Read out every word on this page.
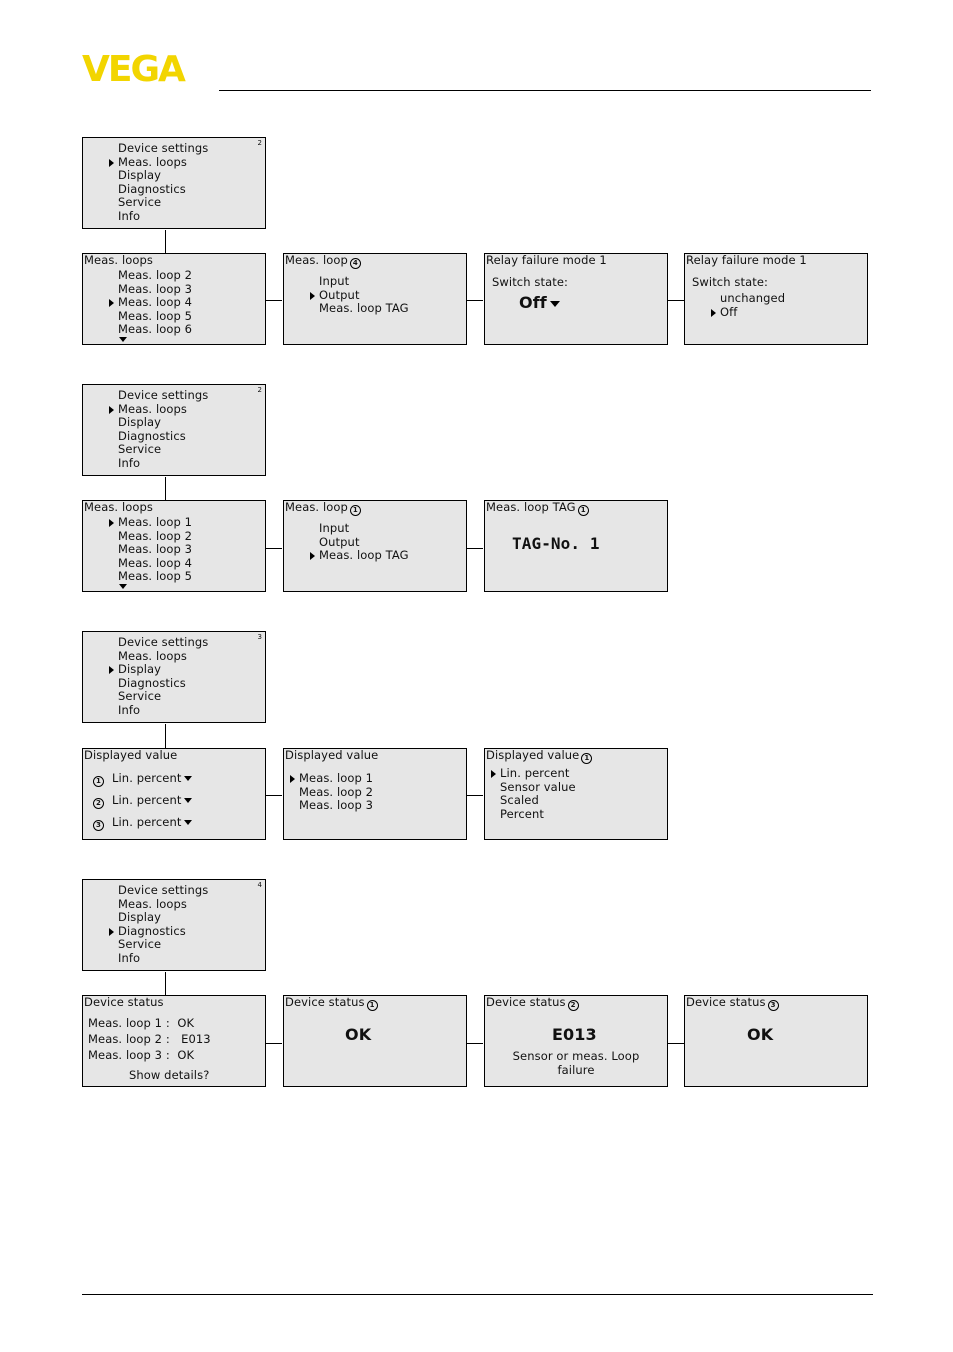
VEGA
2
Device settings
Meas. loops
Display
Diagnostics
Service
Info
Meas. loops
Meas. loop 2
Meas. loop 3
Meas. loop 4
Meas. loop 5
Meas. loop 6
Meas. loop 4
Input
Output
Meas. loop TAG
Relay failure mode 1
Switch state:
Off
Relay failure mode 1
Switch state:
unchanged
Off
2
Device settings
Meas. loops
Display
Diagnostics
Service
Info
Meas. loops
Meas. loop 1
Meas. loop 2
Meas. loop 3
Meas. loop 4
Meas. loop 5
Meas. loop 1
Input
Output
Meas. loop TAG
Meas. loop TAG 1
TAG-No. 1
3
Device settings
Meas. loops
Display
Diagnostics
Service
Info
Displayed value
1 Lin. percent
2 Lin. percent
3 Lin. percent
Displayed value
Meas. loop 1
Meas. loop 2
Meas. loop 3
Displayed value 1
Lin. percent
Sensor value
Scaled
Percent
4
Device settings
Meas. loops
Display
Diagnostics
Service
Info
Device status
Meas. loop 1 : OK
Meas. loop 2 : E013
Meas. loop 3 : OK
Show details?
Device status 1
OK
Device status 2
E013
Sensor or meas. Loop
failure
Device status 3
OK
